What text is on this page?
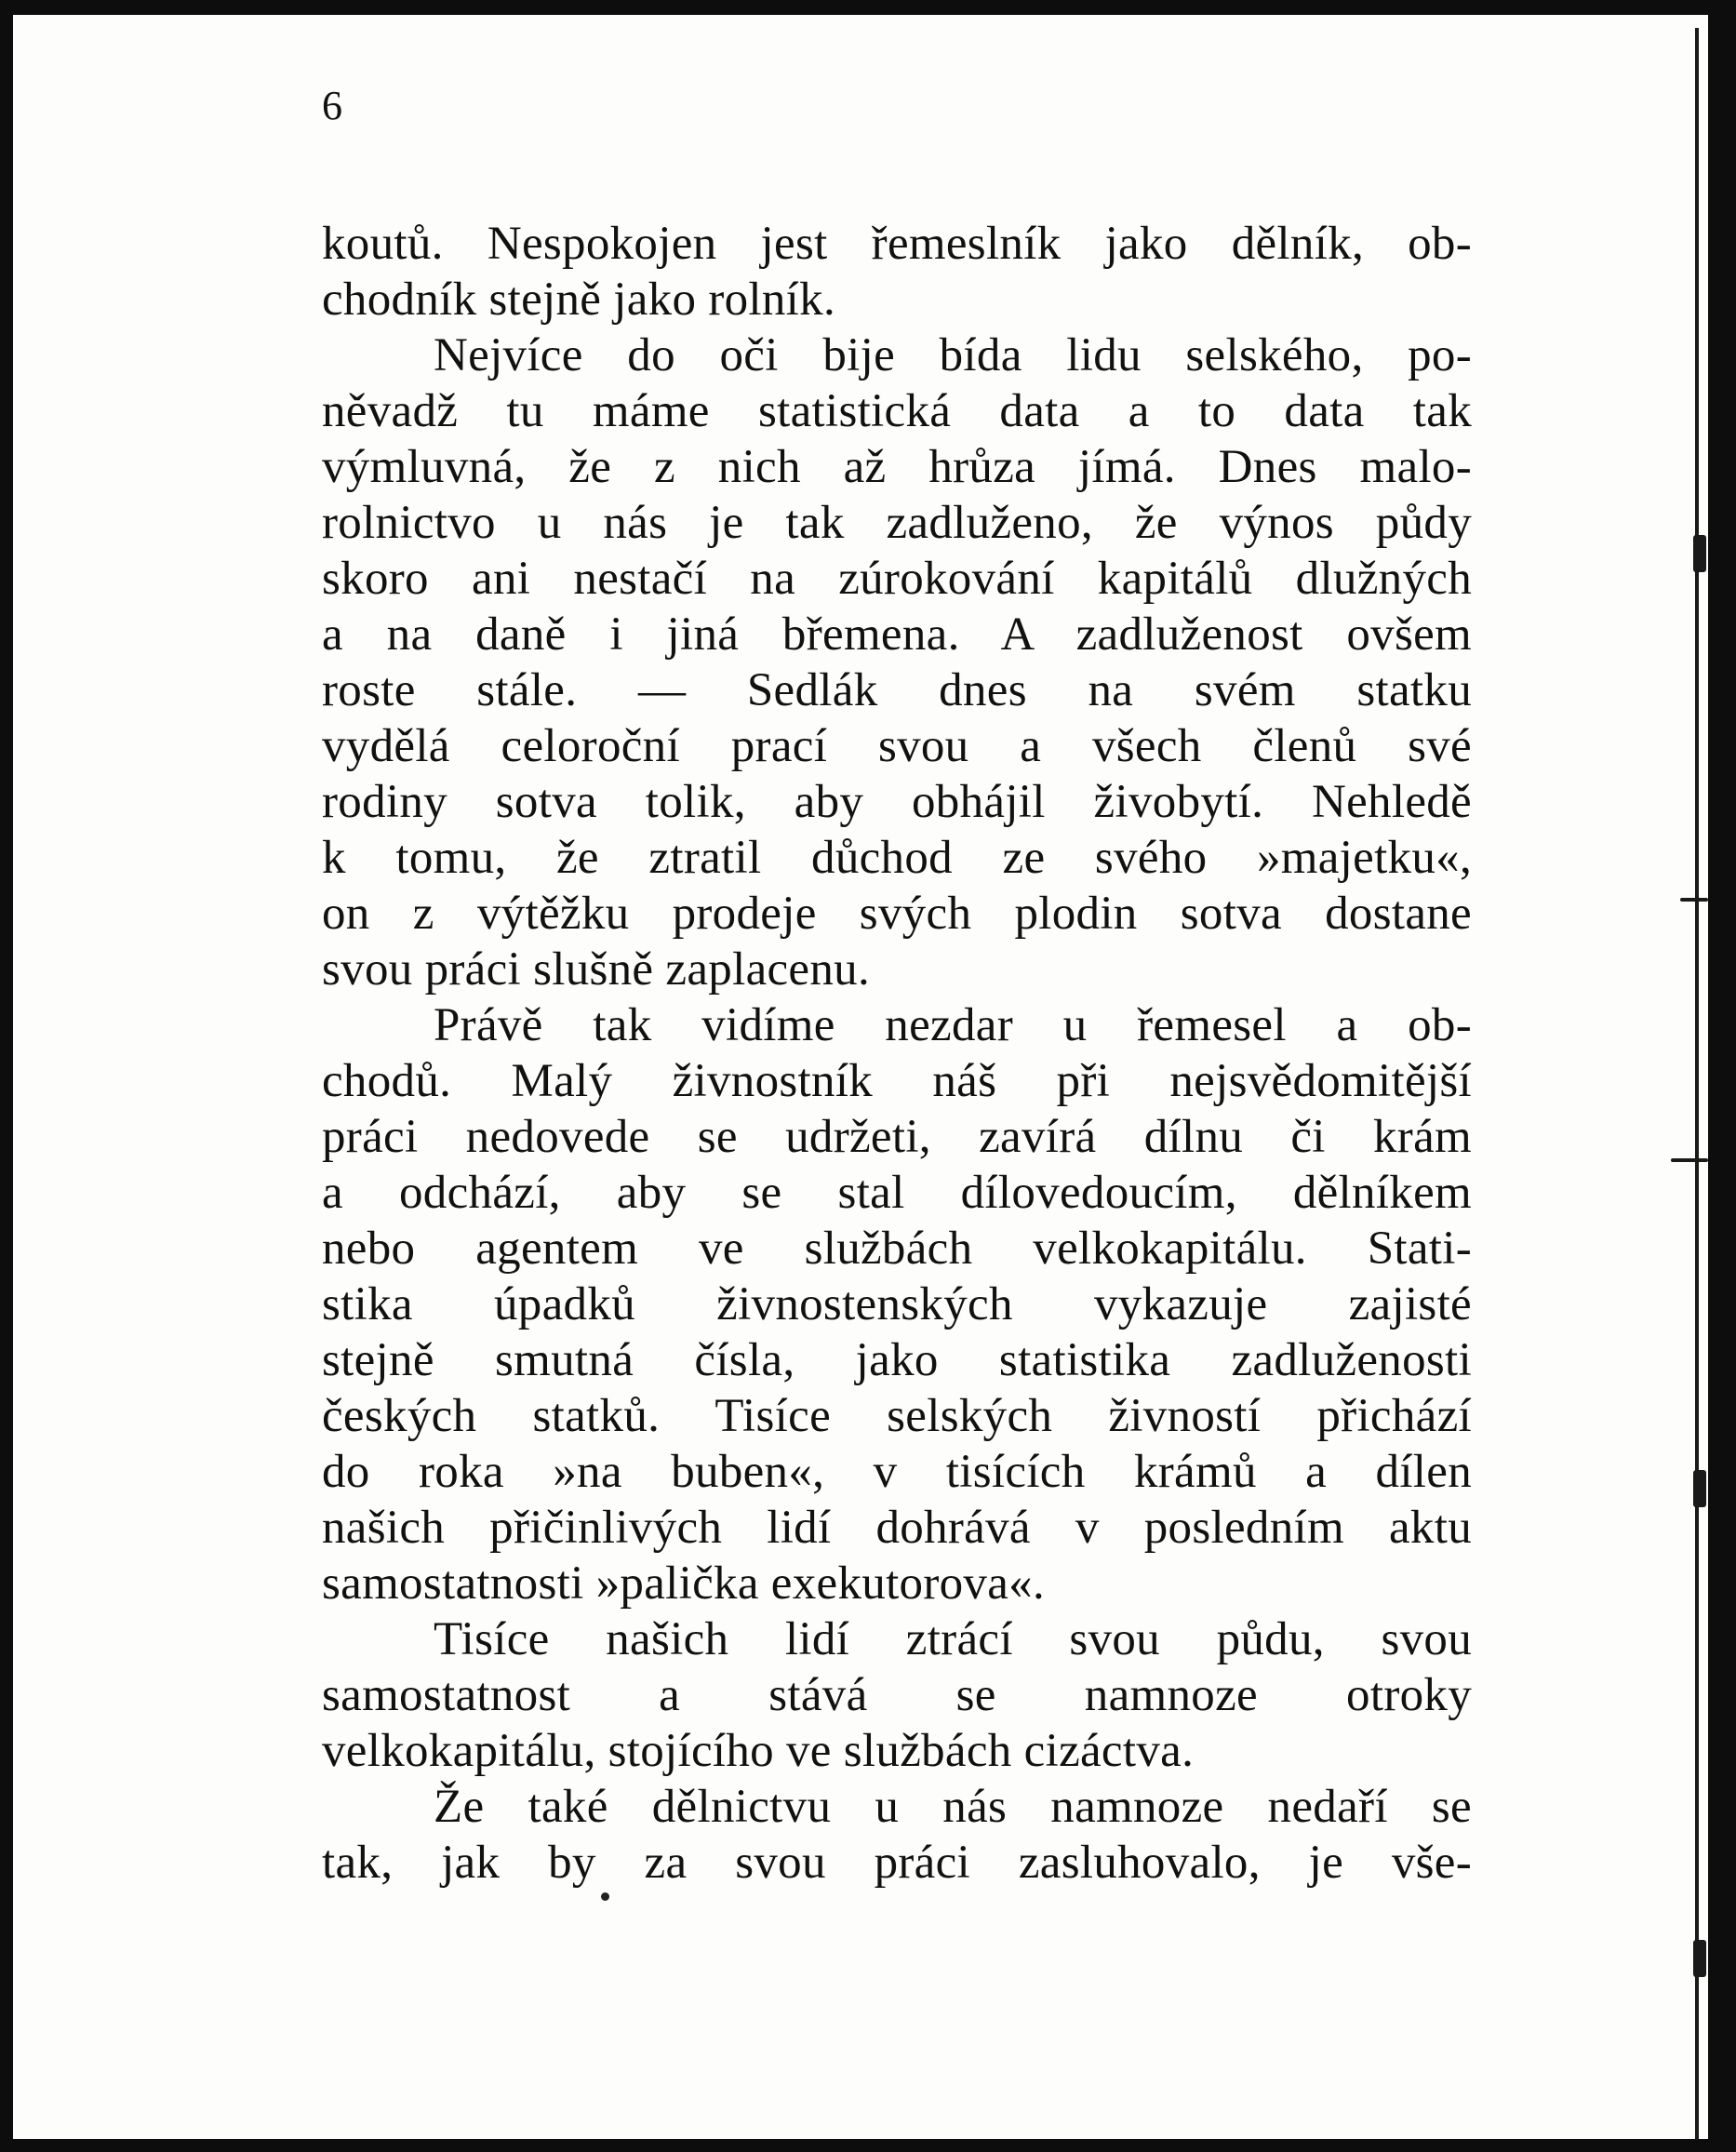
6
koutů. Nespokojen jest řemeslník jako dělník, ob-
chodník stejně jako rolník.
Nejvíce do oči bije bída lidu selského, po-
něvadž tu máme statistická data a to data tak
výmluvná, že z nich až hrůza jímá. Dnes malo-
rolnictvo u nás je tak zadluženo, že výnos půdy
skoro ani nestačí na zúrokování kapitálů dlužných
a na daně i jiná břemena. A zadluženost ovšem
roste stále. — Sedlák dnes na svém statku
vydělá celoroční prací svou a všech členů své
rodiny sotva tolik, aby obhájil živobytí. Nehledě
k tomu, že ztratil důchod ze svého »majetku«,
on z výtěžku prodeje svých plodin sotva dostane
svou práci slušně zaplacenu.
Právě tak vidíme nezdar u řemesel a ob-
chodů. Malý živnostník náš při nejsvědomitější
práci nedovede se udržeti, zavírá dílnu či krám
a odchází, aby se stal dílovedoucím, dělníkem
nebo agentem ve službách velkokapitálu. Stati-
stika úpadků živnostenských vykazuje zajisté
stejně smutná čísla, jako statistika zadluženosti
českých statků. Tisíce selských živností přichází
do roka »na buben«, v tisících krámů a dílen
našich přičinlivých lidí dohrává v posledním aktu
samostatnosti »palička exekutorova«.
Tisíce našich lidí ztrácí svou půdu, svou
samostatnost a stává se namnoze otroky
velkokapitálu, stojícího ve službách cizáctva.
Že také dělnictvu u nás namnoze nedaří se
tak, jak by za svou práci zasluhovalo, je vše-
